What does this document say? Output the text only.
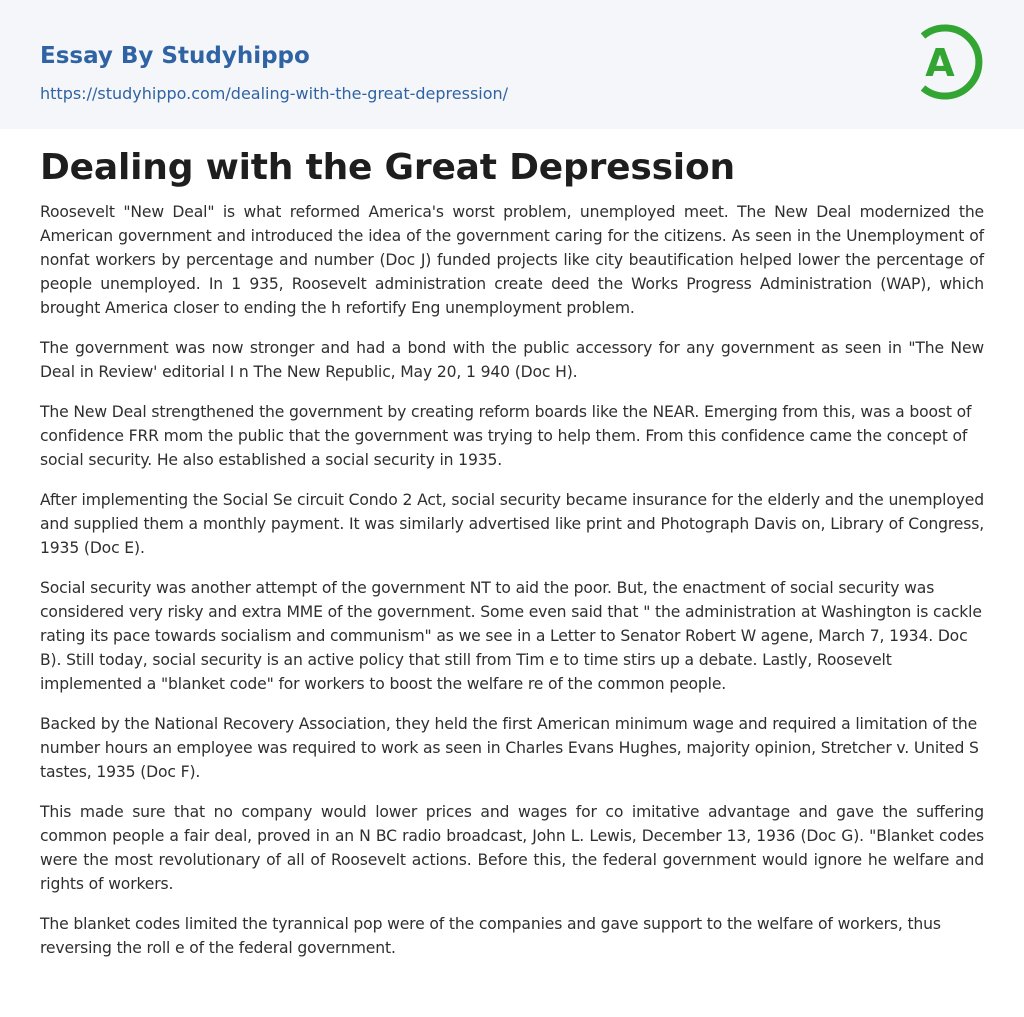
Essay By Studyhippo
https://studyhippo.com/dealing-with-the-great-depression/
A
Dealing with the Great Depression

Roosevelt "New Deal" is what reformed America's worst problem, unemployed meet. The New Deal modernized the American government and introduced the idea of the government caring for the citizens. As seen in the Unemployment of nonfat workers by percentage and number (Doc J) funded projects like city beautification helped lower the percentage of people unemployed. In 1 935, Roosevelt administration create deed the Works Progress Administration (WAP), which brought America closer to ending the h refortify Eng unemployment problem.

The government was now stronger and had a bond with the public accessory for any government as seen in "The New Deal in Review' editorial I n The New Republic, May 20, 1 940 (Doc H).

The New Deal strengthened the government by creating reform boards like the NEAR. Emerging from this, was a boost of confidence FRR mom the public that the government was trying to help them. From this confidence came the concept of social security. He also established a social security in 1935.

After implementing the Social Se circuit Condo 2 Act, social security became insurance for the elderly and the unemployed and supplied them a monthly payment. It was similarly advertised like print and Photograph Davis on, Library of Congress, 1935 (Doc E).

Social security was another attempt of the government NT to aid the poor. But, the enactment of social security was considered very risky and extra MME of the government. Some even said that " the administration at Washington is cackle rating its pace towards socialism and communism" as we see in a Letter to Senator Robert W agene, March 7, 1934. Doc B). Still today, social security is an active policy that still from Tim e to time stirs up a debate. Lastly, Roosevelt implemented a "blanket code" for workers to boost the welfare re of the common people.

Backed by the National Recovery Association, they held the first American minimum wage and required a limitation of the number hours an employee was required to work as seen in Charles Evans Hughes, majority opinion, Stretcher v. United S tastes, 1935 (Doc F).

This made sure that no company would lower prices and wages for co imitative advantage and gave the suffering common people a fair deal, proved in an N BC radio broadcast, John L. Lewis, December 13, 1936 (Doc G). "Blanket codes were the most revolutionary of all of Roosevelt actions. Before this, the federal government would ignore he welfare and rights of workers.

The blanket codes limited the tyrannical pop were of the companies and gave support to the welfare of workers, thus reversing the roll e of the federal government.
